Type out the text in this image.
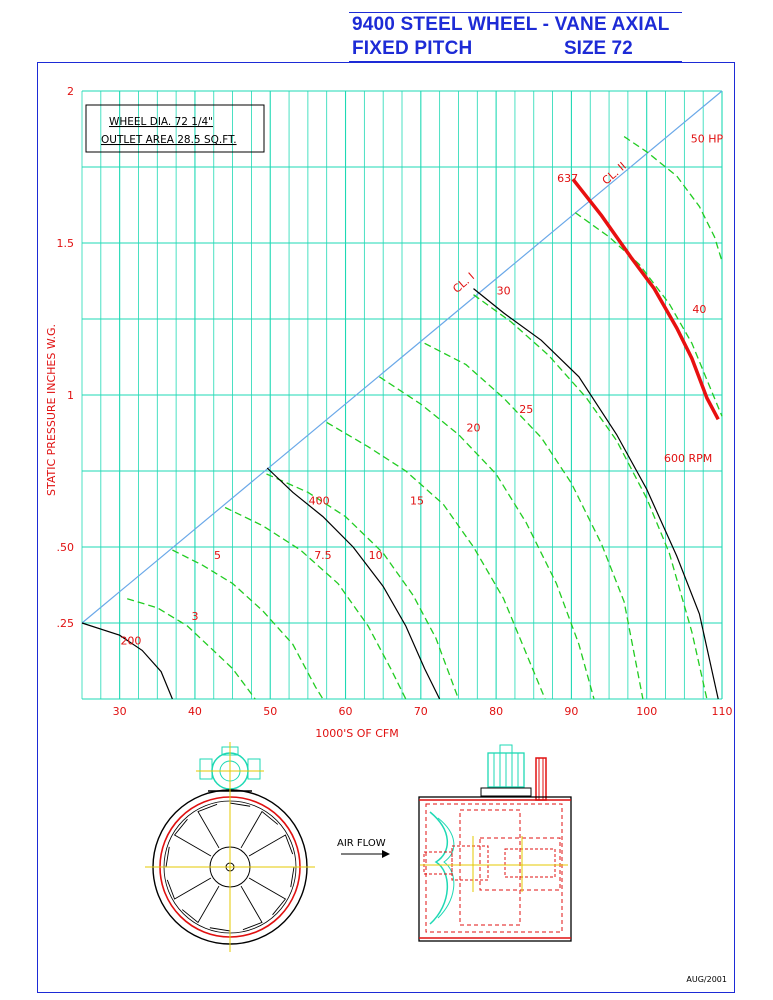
9400 STEEL WHEEL - VANE AXIAL
FIXED PITCH	SIZE 72
30	40	50	60	70	80	90	100	110
.25
.50
1
1.5
2
200
400
600 RPM
637
3
5	7.5	10
15
20
25
30
40
50 HP
CL. I
CL. II
WHEEL DIA. 72 1/4"
OUTLET AREA 28.5 SQ.FT.
1000'S OF CFM
STATIC PRESSURE INCHES W.G.
AIR FLOW
AUG/2001
